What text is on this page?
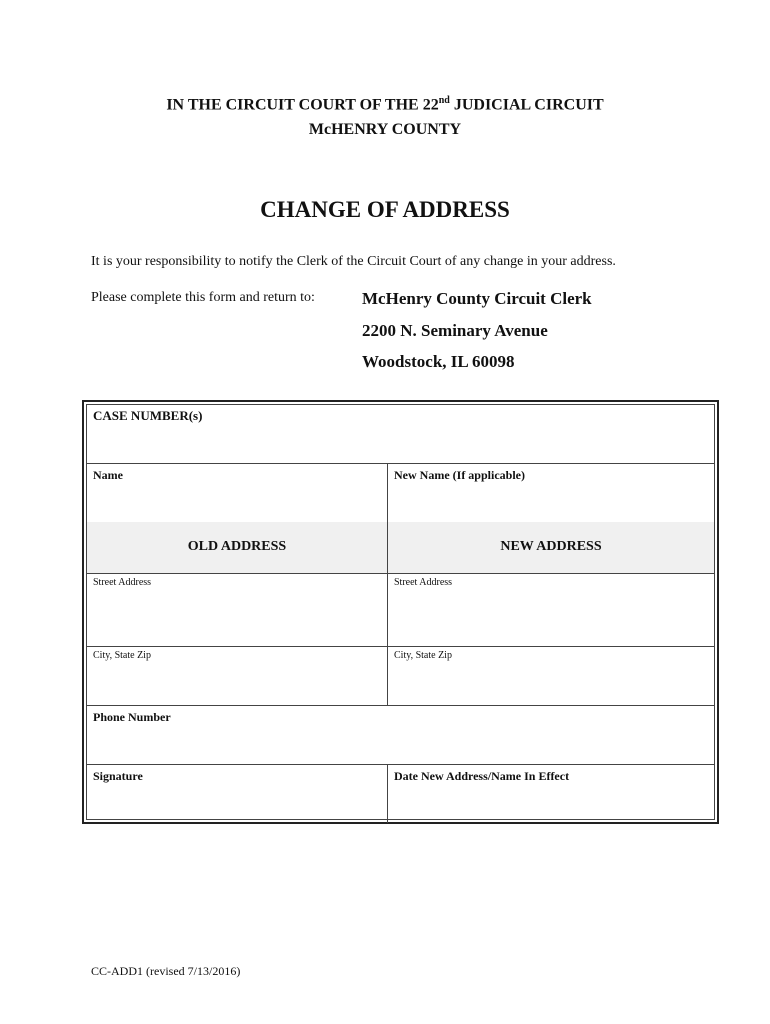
IN THE CIRCUIT COURT OF THE 22nd JUDICIAL CIRCUIT
McHENRY COUNTY
CHANGE OF ADDRESS
It is your responsibility to notify the Clerk of the Circuit Court of any change in your address.
Please complete this form and return to:	McHenry County Circuit Clerk
2200 N. Seminary Avenue
Woodstock, IL 60098
CASE NUMBER(s)
Name	New Name (If applicable)
OLD ADDRESS	NEW ADDRESS
Street Address	Street Address
City, State Zip	City, State Zip
Phone Number
Signature	Date New Address/Name In Effect
CC-ADD1 (revised 7/13/2016)
